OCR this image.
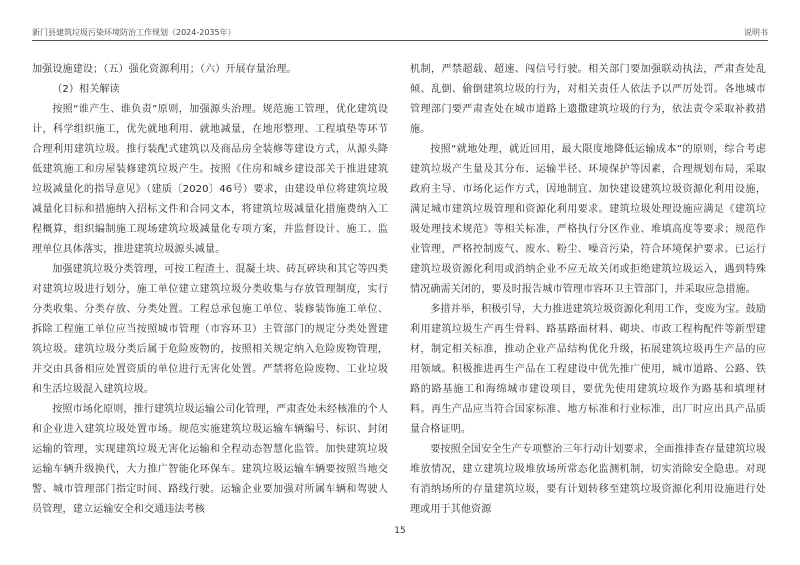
新门县建筑垃圾污染环境防治工作规划（2024-2035年）	说明书

加强设施建设；（五）强化资源利用；（六）开展存量治理。

（2）相关解读

按照“谁产生、谁负责”原则，加强源头治理。规范施工管理，优化建筑设计，科学组织施工，优先就地利用、就地减量，在地形整理、工程填垫等环节合理利用建筑垃圾。推行装配式建筑以及商品房全装修等建设方式，从源头降低建筑施工和房屋装修建筑垃圾产生。按照《住房和城乡建设部关于推进建筑垃圾减量化的指导意见》（建质〔2020〕46号）要求，由建设单位将建筑垃圾减量化目标和措施纳入招标文件和合同文本，将建筑垃圾减量化措施费纳入工程概算，组织编制施工现场建筑垃圾减量化专项方案，并监督设计、施工、监理单位具体落实，推进建筑垃圾源头减量。

加强建筑垃圾分类管理，可按工程渣土、混凝土块、砖瓦碎块和其它等四类对建筑垃圾进行划分，施工单位建立建筑垃圾分类收集与存放管理制度，实行分类收集、分类存放、分类处置。工程总承包施工单位、装修装饰施工单位、拆除工程施工单位应当按照城市管理（市容环卫）主管部门的规定分类处置建筑垃圾。建筑垃圾分类后属于危险废物的，按照相关规定纳入危险废物管理，并交由具备相应处置资质的单位进行无害化处置。严禁将危险废物、工业垃圾和生活垃圾混入建筑垃圾。

按照市场化原则，推行建筑垃圾运输公司化管理，严肃查处未经核准的个人和企业进入建筑垃圾处置市场。规范实施建筑垃圾运输车辆编号、标识、封闭运输的管理，实现建筑垃圾无害化运输和全程动态智慧化监管。加快建筑垃圾运输车辆升级换代，大力推广智能化环保车。建筑垃圾运输车辆要按照当地交警、城市管理部门指定时间、路线行驶。运输企业要加强对所属车辆和驾驶人员管理，建立运输安全和交通违法考核

机制，严禁超载、超速、闯信号行驶。相关部门要加强联动执法，严肃查处乱倾、乱倒、偷倒建筑垃圾的行为，对相关责任人依法予以严厉处罚。各地城市管理部门要严肃查处在城市道路上遗撒建筑垃圾的行为，依法责令采取补救措施。

按照“就地处理，就近回用，最大限度地降低运输成本”的原则，综合考虑建筑垃圾产生量及其分布、运输半径、环境保护等因素，合理规划布局，采取政府主导、市场化运作方式，因地制宜、加快建设建筑垃圾资源化利用设施，满足城市建筑垃圾管理和资源化利用要求。建筑垃圾处理设施应满足《建筑垃圾处理技术规范》等相关标准，严格执行分区作业、堆填高度等要求；规范作业管理，严格控制废气、废水、粉尘、噪音污染，符合环境保护要求。已运行建筑垃圾资源化利用或消纳企业不应无故关闭或拒绝建筑垃圾运入，遇到特殊情况确需关闭的，要及时报告城市管理市容环卫主管部门，并采取应急措施。

多措并举，积极引导，大力推进建筑垃圾资源化利用工作，变废为宝。鼓励利用建筑垃圾生产再生骨料、路基路面材料、砌块、市政工程构配件等新型建材，制定相关标准，推动企业产品结构优化升级，拓展建筑垃圾再生产品的应用领域。积极推进再生产品在工程建设中优先推广使用，城市道路、公路、铁路的路基施工和海绵城市建设项目，要优先使用建筑垃圾作为路基和填埋材料。再生产品应当符合国家标准、地方标准和行业标准，出厂时应出具产品质量合格证明。

要按照全国安全生产专项整治三年行动计划要求，全面推排查存量建筑垃圾堆放情况，建立建筑垃圾堆放场所常态化监测机制，切实消除安全隐患。对现有消纳场所的存量建筑垃圾，要有计划转移至建筑垃圾资源化利用设施进行处理或用于其他资源

15
